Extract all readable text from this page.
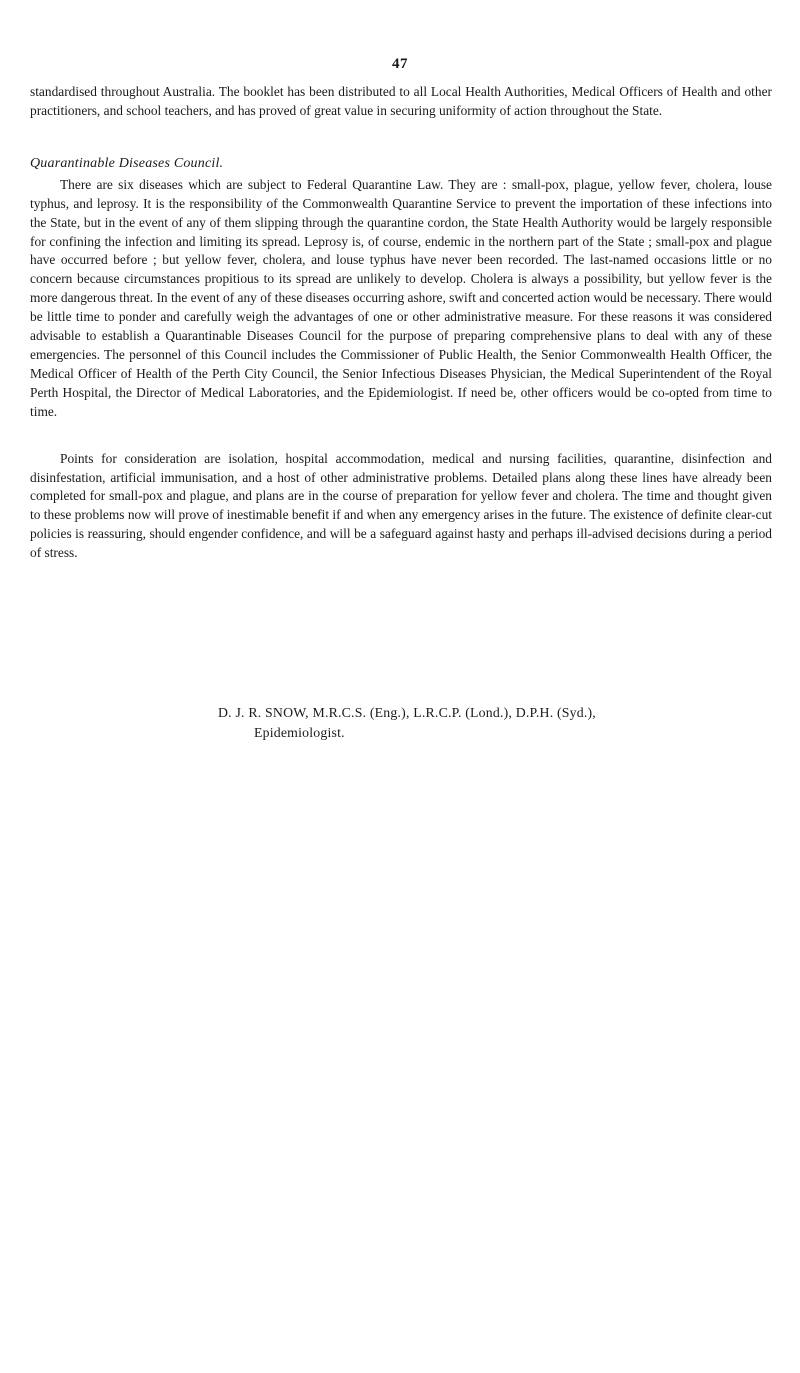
47

standardised throughout Australia. The booklet has been distributed to all Local Health Authorities, Medical Officers of Health and other practitioners, and school teachers, and has proved of great value in securing uniformity of action throughout the State.

Quarantinable Diseases Council.

There are six diseases which are subject to Federal Quarantine Law. They are : small-pox, plague, yellow fever, cholera, louse typhus, and leprosy. It is the responsibility of the Commonwealth Quarantine Service to prevent the importation of these infections into the State, but in the event of any of them slipping through the quarantine cordon, the State Health Authority would be largely responsible for confining the infection and limiting its spread. Leprosy is, of course, endemic in the northern part of the State ; small-pox and plague have occurred before ; but yellow fever, cholera, and louse typhus have never been recorded. The last-named occasions little or no concern because circumstances propitious to its spread are unlikely to develop. Cholera is always a possibility, but yellow fever is the more dangerous threat. In the event of any of these diseases occurring ashore, swift and concerted action would be necessary. There would be little time to ponder and carefully weigh the advantages of one or other administrative measure. For these reasons it was considered advisable to establish a Quarantinable Diseases Council for the purpose of preparing comprehensive plans to deal with any of these emergencies. The personnel of this Council includes the Commissioner of Public Health, the Senior Commonwealth Health Officer, the Medical Officer of Health of the Perth City Council, the Senior Infectious Diseases Physician, the Medical Superintendent of the Royal Perth Hospital, the Director of Medical Laboratories, and the Epidemiologist. If need be, other officers would be co-opted from time to time.

Points for consideration are isolation, hospital accommodation, medical and nursing facilities, quarantine, disinfection and disinfestation, artificial immunisation, and a host of other administrative problems. Detailed plans along these lines have already been completed for small-pox and plague, and plans are in the course of preparation for yellow fever and cholera. The time and thought given to these problems now will prove of inestimable benefit if and when any emergency arises in the future. The existence of definite clear-cut policies is reassuring, should engender confidence, and will be a safeguard against hasty and perhaps ill-advised decisions during a period of stress.

D. J. R. SNOW, M.R.C.S. (Eng.), L.R.C.P. (Lond.), D.P.H. (Syd.),
Epidemiologist.
